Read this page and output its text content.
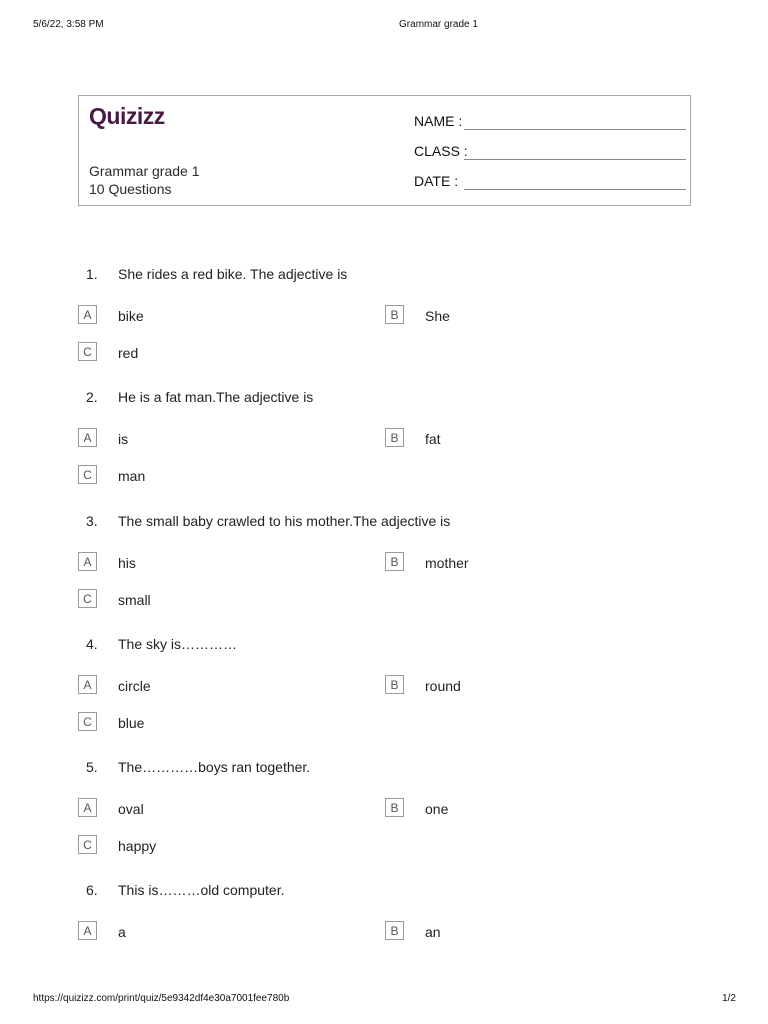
5/6/22, 3:58 PM	Grammar grade 1
Quizizz
Grammar grade 1
10 Questions
NAME :
CLASS :
DATE :
1. She rides a red bike. The adjective is
A	bike	B	She
C	red
2. He is a fat man.The adjective is
A	is	B	fat
C	man
3. The small baby crawled to his mother.The adjective is
A	his	B	mother
C	small
4. The sky is…………
A	circle	B	round
C	blue
5. The…………boys ran together.
A	oval	B	one
C	happy
6. This is………old computer.
A	a	B	an
https://quizizz.com/print/quiz/5e9342df4e30a7001fee780b	1/2
